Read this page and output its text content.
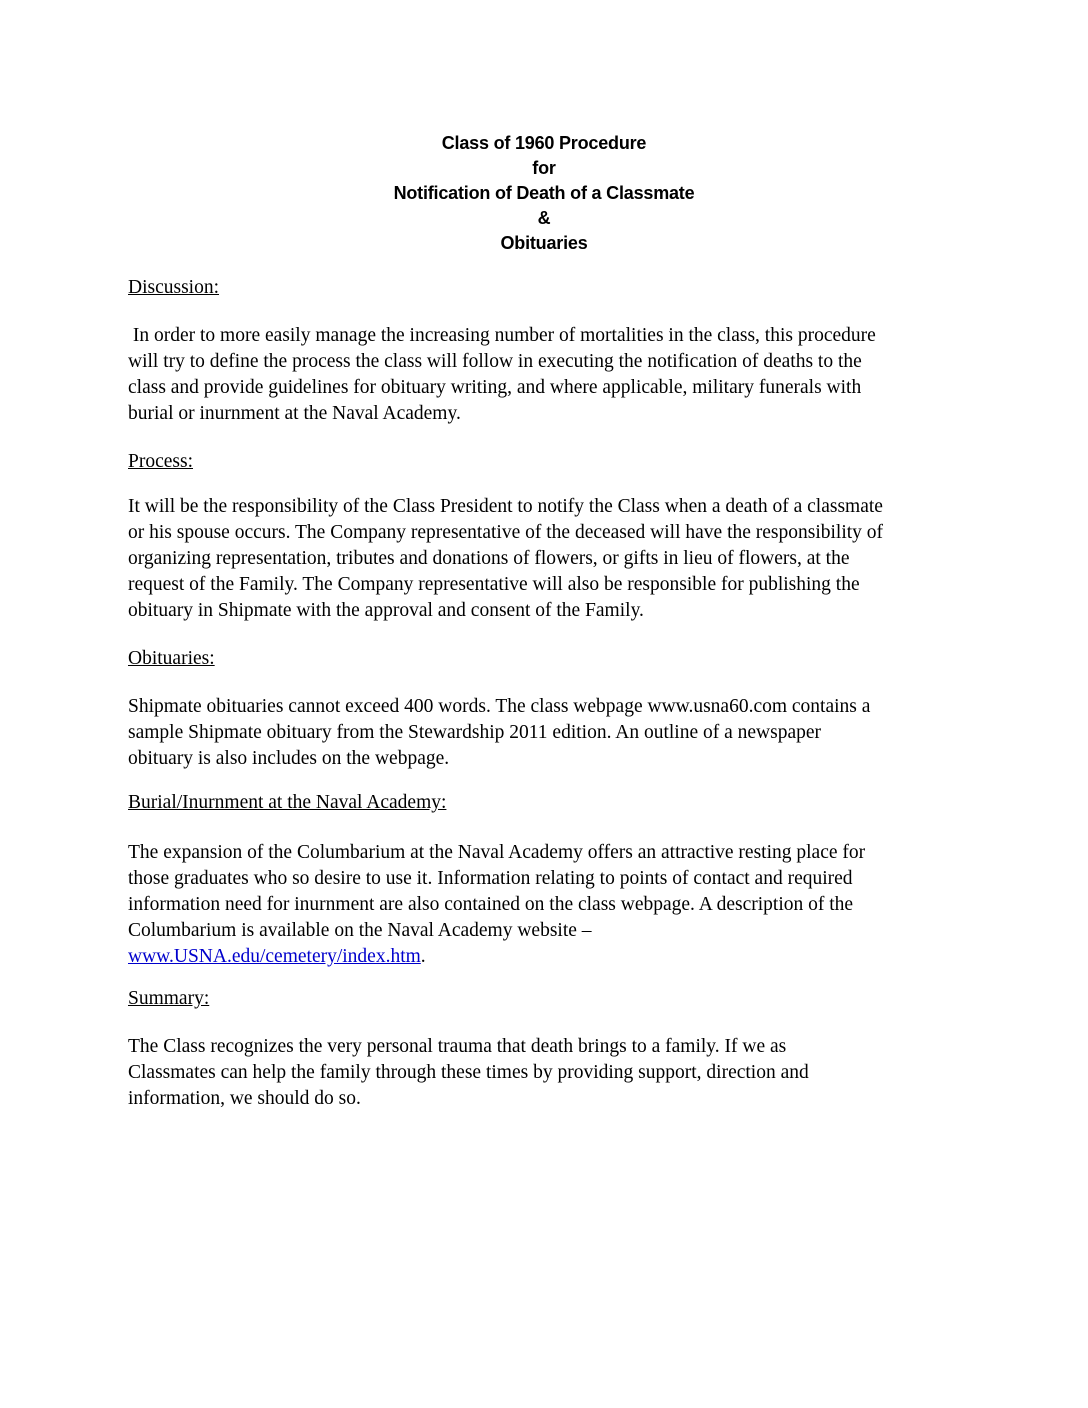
Class of 1960 Procedure
for
Notification of Death of a Classmate
&
Obituaries
Discussion:
In order to more easily manage the increasing number of mortalities in the class, this procedure
will try to define the process the class will follow in executing the notification of deaths to the
class and provide guidelines for obituary writing, and where applicable, military funerals with
burial or inurnment at the Naval Academy.
Process:
It will be the responsibility of the Class President to notify the Class when a death of a classmate
or his spouse occurs. The Company representative of the deceased will have the responsibility of
organizing representation, tributes and donations of flowers, or gifts in lieu of flowers, at the
request of the Family. The Company representative will also be responsible for publishing the
obituary in Shipmate with the approval and consent of the Family.
Obituaries:
Shipmate obituaries cannot exceed 400 words. The class webpage www.usna60.com contains a
sample Shipmate obituary from the Stewardship 2011 edition. An outline of a newspaper
obituary is also includes on the webpage.
Burial/Inurnment at the Naval Academy:
The expansion of the Columbarium at the Naval Academy offers an attractive resting place for
those graduates who so desire to use it. Information relating to points of contact and required
information need for inurnment are also contained on the class webpage. A description of the
Columbarium is available on the Naval Academy website –
www.USNA.edu/cemetery/index.htm.
Summary:
The Class recognizes the very personal trauma that death brings to a family. If we as
Classmates can help the family through these times by providing support, direction and
information, we should do so.
